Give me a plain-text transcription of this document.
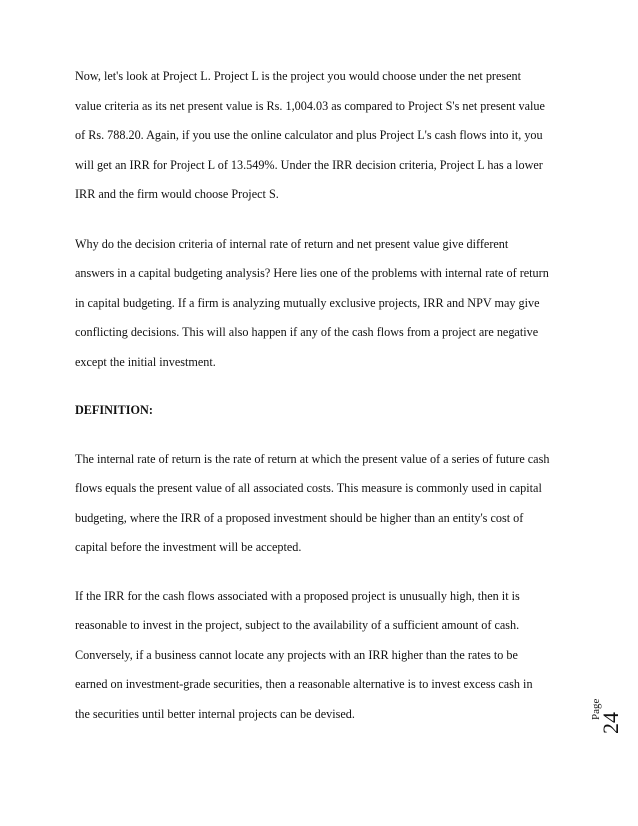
Now, let's look at Project L. Project L is the project you would choose under the net present
value criteria as its net present value is Rs. 1,004.03 as compared to Project S's net present value
of Rs. 788.20. Again, if you use the online calculator and plus Project L's cash flows into it, you
will get an IRR for Project L of 13.549%. Under the IRR decision criteria, Project L has a lower
IRR and the firm would choose Project S.
Why do the decision criteria of internal rate of return and net present value give different
answers in a capital budgeting analysis? Here lies one of the problems with internal rate of return
in capital budgeting. If a firm is analyzing mutually exclusive projects, IRR and NPV may give
conflicting decisions. This will also happen if any of the cash flows from a project are negative
except the initial investment.
DEFINITION:
The internal rate of return is the rate of return at which the present value of a series of future cash
flows equals the present value of all associated costs. This measure is commonly used in capital
budgeting, where the IRR of a proposed investment should be higher than an entity's cost of
capital before the investment will be accepted.
If the IRR for the cash flows associated with a proposed project is unusually high, then it is
reasonable to invest in the project, subject to the availability of a sufficient amount of cash.
Conversely, if a business cannot locate any projects with an IRR higher than the rates to be
earned on investment-grade securities, then a reasonable alternative is to invest excess cash in
the securities until better internal projects can be devised.	Page
24
